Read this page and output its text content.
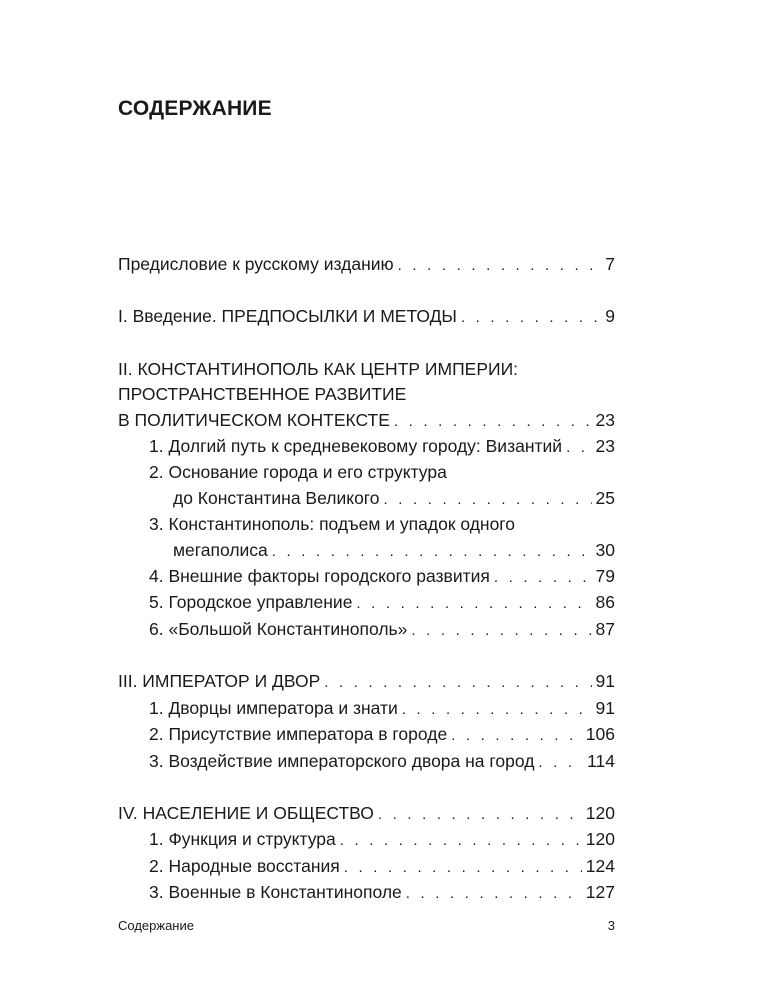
СОДЕРЖАНИЕ
Предисловие к русскому изданию . . .	7
I. Введение. ПРЕДПОСЫЛКИ И МЕТОДЫ . . .	9
II. КОНСТАНТИНОПОЛЬ КАК ЦЕНТР ИМПЕРИИ:
ПРОСТРАНСТВЕННОЕ РАЗВИТИЕ
В ПОЛИТИЧЕСКОМ КОНТЕКСТЕ . . .	23
1. Долгий путь к средневековому городу: Византий . . . 23
2. Основание города и его структура
до Константина Великого . . .	25
3. Константинополь: подъем и упадок одного
мегаполиса . . .	30
4. Внешние факторы городского развития . . .	79
5. Городское управление . . .	86
6. «Большой Константинополь» . . .	87
III. ИМПЕРАТОР И ДВОР . . .	91
1. Дворцы императора и знати . . .	91
2. Присутствие императора в городе . . .	106
3. Воздействие императорского двора на город . . .	114
IV. НАСЕЛЕНИЕ И ОБЩЕСТВО . . .	120
1. Функция и структура . . .	120
2. Народные восстания . . .	124
3. Военные в Константинополе . . .	127
Содержание	3
